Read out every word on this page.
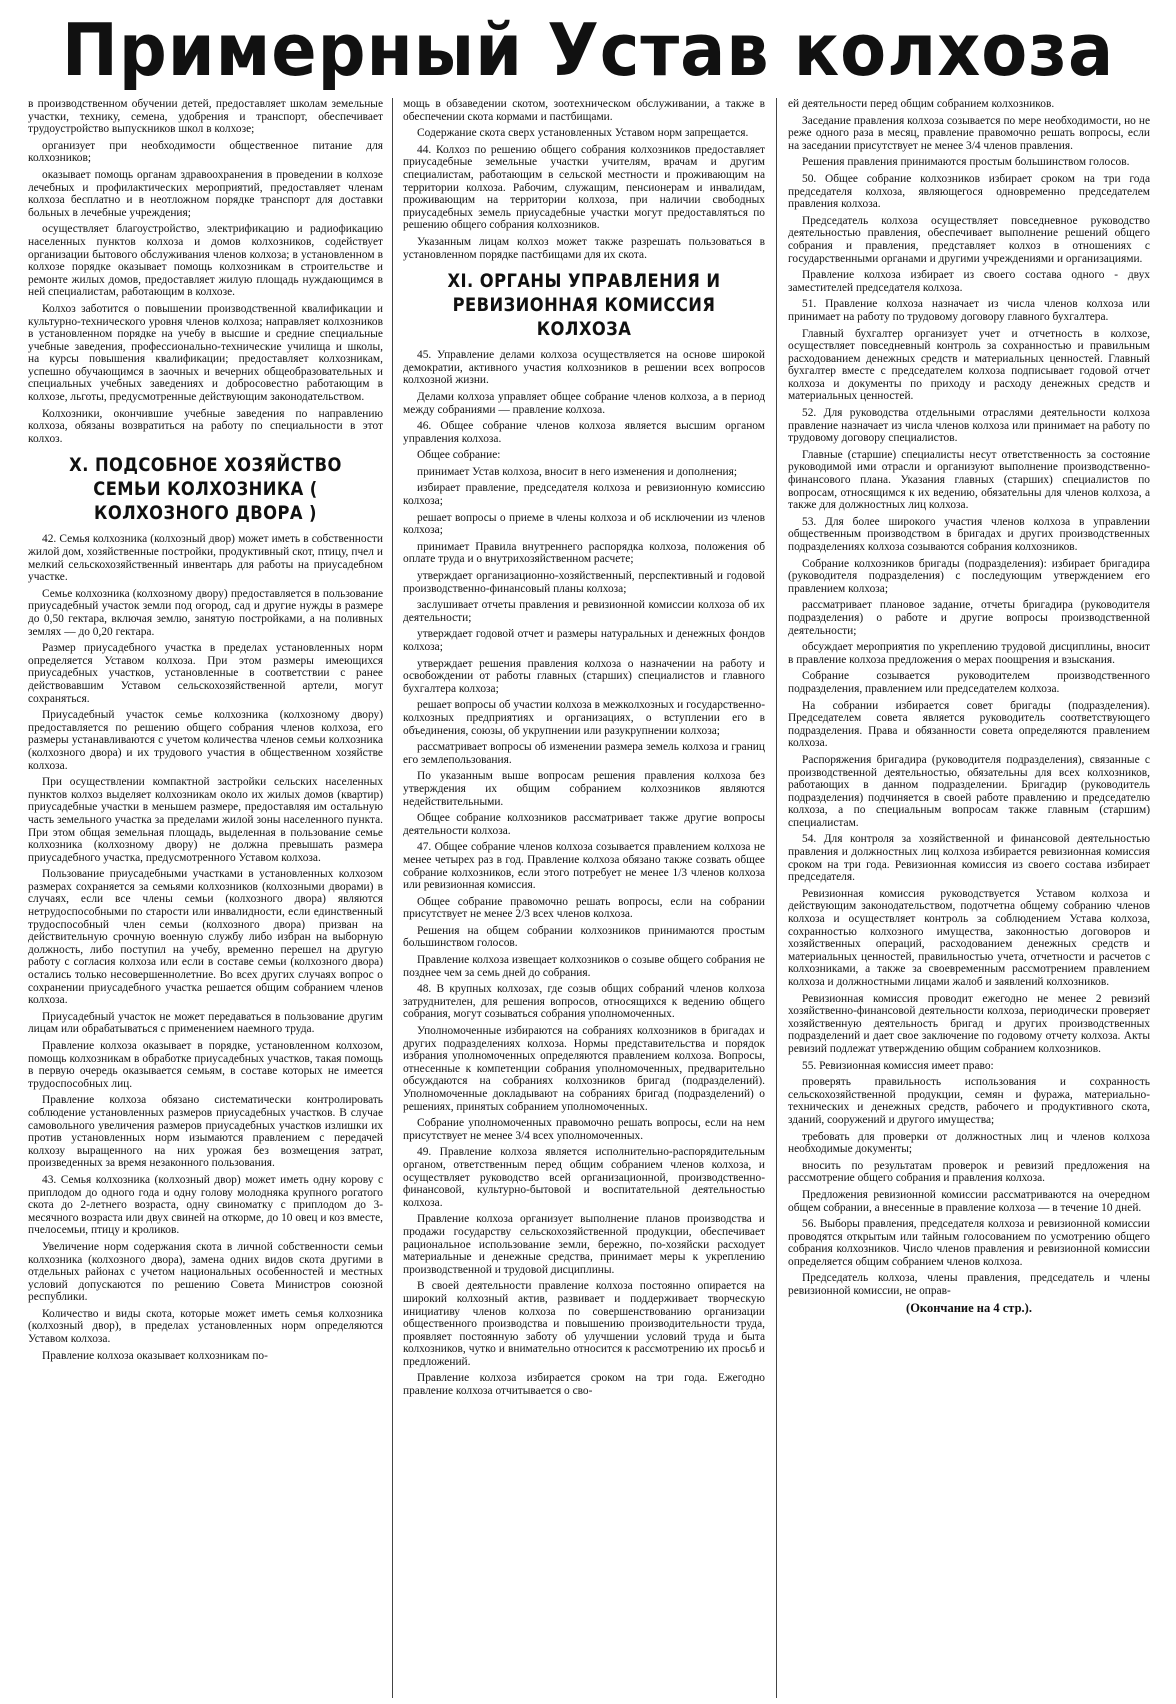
Примерный Устав колхоза

в производственном обучении детей, предоставляет школам земельные участки, технику, семена, удобрения и транспорт, обеспечивает трудоустройство выпускников школ в колхозе;

организует при необходимости общественное питание для колхозников;

оказывает помощь органам здравоохранения в проведении в колхозе лечебных и профилактических мероприятий, предоставляет членам колхоза бесплатно и в неотложном порядке транспорт для доставки больных в лечебные учреждения;

осуществляет благоустройство, электрификацию и радиофикацию населенных пунктов колхоза и домов колхозников, содействует организации бытового обслуживания членов колхоза; в установленном в колхозе порядке оказывает помощь колхозникам в строительстве и ремонте жилых домов, предоставляет жилую площадь нуждающимся в ней специалистам, работающим в колхозе.

Колхоз заботится о повышении производственной квалификации и культурно-технического уровня членов колхоза; направляет колхозников в установленном порядке на учебу в высшие и средние специальные учебные заведения, профессионально-технические училища и школы, на курсы повышения квалификации; предоставляет колхозникам, успешно обучающимся в заочных и вечерних общеобразовательных и специальных учебных заведениях и добросовестно работающим в колхозе, льготы, предусмотренные действующим законодательством.

Колхозники, окончившие учебные заведения по направлению колхоза, обязаны возвратиться на работу по специальности в этот колхоз.

X. ПОДСОБНОЕ ХОЗЯЙСТВО СЕМЬИ КОЛХОЗНИКА ( КОЛХОЗНОГО ДВОРА )

42. Семья колхозника (колхозный двор) может иметь в собственности жилой дом, хозяйственные постройки, продуктивный скот, птицу, пчел и мелкий сельскохозяйственный инвентарь для работы на приусадебном участке.

Семье колхозника (колхозному двору) предоставляется в пользование приусадебный участок земли под огород, сад и другие нужды в размере до 0,50 гектара, включая землю, занятую постройками, а на поливных землях — до 0,20 гектара.

Размер приусадебного участка в пределах установленных норм определяется Уставом колхоза. При этом размеры имеющихся приусадебных участков, установленные в соответствии с ранее действовавшим Уставом сельскохозяйственной артели, могут сохраняться.

Приусадебный участок семье колхозника (колхозному двору) предоставляется по решению общего собрания членов колхоза, его размеры устанавливаются с учетом количества членов семьи колхозника (колхозного двора) и их трудового участия в общественном хозяйстве колхоза.

При осуществлении компактной застройки сельских населенных пунктов колхоз выделяет колхозникам около их жилых домов (квартир) приусадебные участки в меньшем размере, предоставляя им остальную часть земельного участка за пределами жилой зоны населенного пункта. При этом общая земельная площадь, выделенная в пользование семье колхозника (колхозному двору) не должна превышать размера приусадебного участка, предусмотренного Уставом колхоза.

Пользование приусадебными участками в установленных колхозом размерах сохраняется за семьями колхозников (колхозными дворами) в случаях, если все члены семьи (колхозного двора) являются нетрудоспособными по старости или инвалидности, если единственный трудоспособный член семьи (колхозного двора) призван на действительную срочную военную службу либо избран на выборную должность, либо поступил на учебу, временно перешел на другую работу с согласия колхоза или если в составе семьи (колхозного двора) остались только несовершеннолетние. Во всех других случаях вопрос о сохранении приусадебного участка решается общим собранием членов колхоза.

Приусадебный участок не может передаваться в пользование другим лицам или обрабатываться с применением наемного труда.

Правление колхоза оказывает в порядке, установленном колхозом, помощь колхозникам в обработке приусадебных участков, такая помощь в первую очередь оказывается семьям, в составе которых не имеется трудоспособных лиц.

Правление колхоза обязано систематически контролировать соблюдение установленных размеров приусадебных участков. В случае самовольного увеличения размеров приусадебных участков излишки их против установленных норм изымаются правлением с передачей колхозу выращенного на них урожая без возмещения затрат, произведенных за время незаконного пользования.

43. Семья колхозника (колхозный двор) может иметь одну корову с приплодом до одного года и одну голову молодняка крупного рогатого скота до 2-летнего возраста, одну свиноматку с приплодом до 3-месячного возраста или двух свиней на откорме, до 10 овец и коз вместе, пчелосемьи, птицу и кроликов.

Увеличение норм содержания скота в личной собственности семьи колхозника (колхозного двора), замена одних видов скота другими в отдельных районах с учетом национальных особенностей и местных условий допускаются по решению Совета Министров союзной республики.

Количество и виды скота, которые может иметь семья колхозника (колхозный двор), в пределах установленных норм определяются Уставом колхоза.

Правление колхоза оказывает колхозникам по-

мощь в обзаведении скотом, зоотехническом обслуживании, а также в обеспечении скота кормами и пастбищами.

Содержание скота сверх установленных Уставом норм запрещается.

44. Колхоз по решению общего собрания колхозников предоставляет приусадебные земельные участки учителям, врачам и другим специалистам, работающим в сельской местности и проживающим на территории колхоза. Рабочим, служащим, пенсионерам и инвалидам, проживающим на территории колхоза, при наличии свободных приусадебных земель приусадебные участки могут предоставляться по решению общего собрания колхозников.

Указанным лицам колхоз может также разрешать пользоваться в установленном порядке пастбищами для их скота.

XI. ОРГАНЫ УПРАВЛЕНИЯ И РЕВИЗИОННАЯ КОМИССИЯ КОЛХОЗА

45. Управление делами колхоза осуществляется на основе широкой демократии, активного участия колхозников в решении всех вопросов колхозной жизни.

Делами колхоза управляет общее собрание членов колхоза, а в период между собраниями — правление колхоза.

46. Общее собрание членов колхоза является высшим органом управления колхоза.

Общее собрание:

принимает Устав колхоза, вносит в него изменения и дополнения;

избирает правление, председателя колхоза и ревизионную комиссию колхоза;

решает вопросы о приеме в члены колхоза и об исключении из членов колхоза;

принимает Правила внутреннего распорядка колхоза, положения об оплате труда и о внутрихозяйственном расчете;

утверждает организационно-хозяйственный, перспективный и годовой производственно-финансовый планы колхоза;

заслушивает отчеты правления и ревизионной комиссии колхоза об их деятельности;

утверждает годовой отчет и размеры натуральных и денежных фондов колхоза;

утверждает решения правления колхоза о назначении на работу и освобождении от работы главных (старших) специалистов и главного бухгалтера колхоза;

решает вопросы об участии колхоза в межколхозных и государственно-колхозных предприятиях и организациях, о вступлении его в объединения, союзы, об укрупнении или разукрупнении колхоза;

рассматривает вопросы об изменении размера земель колхоза и границ его землепользования.

По указанным выше вопросам решения правления колхоза без утверждения их общим собранием колхозников являются недействительными.

Общее собрание колхозников рассматривает также другие вопросы деятельности колхоза.

47. Общее собрание членов колхоза созывается правлением колхоза не менее четырех раз в год. Правление колхоза обязано также созвать общее собрание колхозников, если этого потребует не менее 1/3 членов колхоза или ревизионная комиссия.

Общее собрание правомочно решать вопросы, если на собрании присутствует не менее 2/3 всех членов колхоза.

Решения на общем собрании колхозников принимаются простым большинством голосов.

Правление колхоза извещает колхозников о созыве общего собрания не позднее чем за семь дней до собрания.

48. В крупных колхозах, где созыв общих собраний членов колхоза затруднителен, для решения вопросов, относящихся к ведению общего собрания, могут созываться собрания уполномоченных.

Уполномоченные избираются на собраниях колхозников в бригадах и других подразделениях колхоза. Нормы представительства и порядок избрания уполномоченных определяются правлением колхоза. Вопросы, отнесенные к компетенции собрания уполномоченных, предварительно обсуждаются на собраниях колхозников бригад (подразделений). Уполномоченные докладывают на собраниях бригад (подразделений) о решениях, принятых собранием уполномоченных.

Собрание уполномоченных правомочно решать вопросы, если на нем присутствует не менее 3/4 всех уполномоченных.

49. Правление колхоза является исполнительно-распорядительным органом, ответственным перед общим собранием членов колхоза, и осуществляет руководство всей организационной, производственно-финансовой, культурно-бытовой и воспитательной деятельностью колхоза.

Правление колхоза организует выполнение планов производства и продажи государству сельскохозяйственной продукции, обеспечивает рациональное использование земли, бережно, по-хозяйски расходует материальные и денежные средства, принимает меры к укреплению производственной и трудовой дисциплины.

В своей деятельности правление колхоза постоянно опирается на широкий колхозный актив, развивает и поддерживает творческую инициативу членов колхоза по совершенствованию организации общественного производства и повышению производительности труда, проявляет постоянную заботу об улучшении условий труда и быта колхозников, чутко и внимательно относится к рассмотрению их просьб и предложений.

Правление колхоза избирается сроком на три года. Ежегодно правление колхоза отчитывается о сво-

ей деятельности перед общим собранием колхозников.

Заседание правления колхоза созывается по мере необходимости, но не реже одного раза в месяц, правление правомочно решать вопросы, если на заседании присутствует не менее 3/4 членов правления.

Решения правления принимаются простым большинством голосов.

50. Общее собрание колхозников избирает сроком на три года председателя колхоза, являющегося одновременно председателем правления колхоза.

Председатель колхоза осуществляет повседневное руководство деятельностью правления, обеспечивает выполнение решений общего собрания и правления, представляет колхоз в отношениях с государственными органами и другими учреждениями и организациями.

Правление колхоза избирает из своего состава одного - двух заместителей председателя колхоза.

51. Правление колхоза назначает из числа членов колхоза или принимает на работу по трудовому договору главного бухгалтера.

Главный бухгалтер организует учет и отчетность в колхозе, осуществляет повседневный контроль за сохранностью и правильным расходованием денежных средств и материальных ценностей. Главный бухгалтер вместе с председателем колхоза подписывает годовой отчет колхоза и документы по приходу и расходу денежных средств и материальных ценностей.

52. Для руководства отдельными отраслями деятельности колхоза правление назначает из числа членов колхоза или принимает на работу по трудовому договору специалистов.

Главные (старшие) специалисты несут ответственность за состояние руководимой ими отрасли и организуют выполнение производственно-финансового плана. Указания главных (старших) специалистов по вопросам, относящимся к их ведению, обязательны для членов колхоза, а также для должностных лиц колхоза.

53. Для более широкого участия членов колхоза в управлении общественным производством в бригадах и других производственных подразделениях колхоза созываются собрания колхозников.

Собрание колхозников бригады (подразделения): избирает бригадира (руководителя подразделения) с последующим утверждением его правлением колхоза;

рассматривает плановое задание, отчеты бригадира (руководителя подразделения) о работе и другие вопросы производственной деятельности;

обсуждает мероприятия по укреплению трудовой дисциплины, вносит в правление колхоза предложения о мерах поощрения и взыскания.

Собрание созывается руководителем производственного подразделения, правлением или председателем колхоза.

На собрании избирается совет бригады (подразделения). Председателем совета является руководитель соответствующего подразделения. Права и обязанности совета определяются правлением колхоза.

Распоряжения бригадира (руководителя подразделения), связанные с производственной деятельностью, обязательны для всех колхозников, работающих в данном подразделении. Бригадир (руководитель подразделения) подчиняется в своей работе правлению и председателю колхоза, а по специальным вопросам также главным (старшим) специалистам.

54. Для контроля за хозяйственной и финансовой деятельностью правления и должностных лиц колхоза избирается ревизионная комиссия сроком на три года. Ревизионная комиссия из своего состава избирает председателя.

Ревизионная комиссия руководствуется Уставом колхоза и действующим законодательством, подотчетна общему собранию членов колхоза и осуществляет контроль за соблюдением Устава колхоза, сохранностью колхозного имущества, законностью договоров и хозяйственных операций, расходованием денежных средств и материальных ценностей, правильностью учета, отчетности и расчетов с колхозниками, а также за своевременным рассмотрением правлением колхоза и должностными лицами жалоб и заявлений колхозников.

Ревизионная комиссия проводит ежегодно не менее 2 ревизий хозяйственно-финансовой деятельности колхоза, периодически проверяет хозяйственную деятельность бригад и других производственных подразделений и дает свое заключение по годовому отчету колхоза. Акты ревизий подлежат утверждению общим собранием колхозников.

55. Ревизионная комиссия имеет право:

проверять правильность использования и сохранность сельскохозяйственной продукции, семян и фуража, материально-технических и денежных средств, рабочего и продуктивного скота, зданий, сооружений и другого имущества;

требовать для проверки от должностных лиц и членов колхоза необходимые документы;

вносить по результатам проверок и ревизий предложения на рассмотрение общего собрания и правления колхоза.

Предложения ревизионной комиссии рассматриваются на очередном общем собрании, а внесенные в правление колхоза — в течение 10 дней.

56. Выборы правления, председателя колхоза и ревизионной комиссии проводятся открытым или тайным голосованием по усмотрению общего собрания колхозников. Число членов правления и ревизионной комиссии определяется общим собранием членов колхоза.

Председатель колхоза, члены правления, председатель и члены ревизионной комиссии, не оправ-

(Окончание на 4 стр.).
